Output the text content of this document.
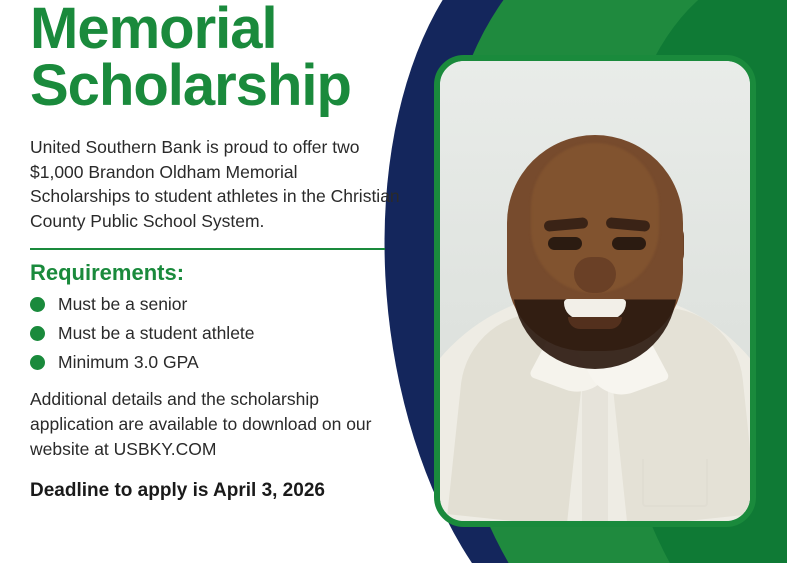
Memorial
Scholarship

United Southern Bank is proud to offer two $1,000 Brandon Oldham Memorial Scholarships to student athletes in the Christian County Public School System.

Requirements:
Must be a senior
Must be a student athlete
Minimum 3.0 GPA

Additional details and the scholarship application are available to download on our website at USBKY.COM

Deadline to apply is April 3, 2026
